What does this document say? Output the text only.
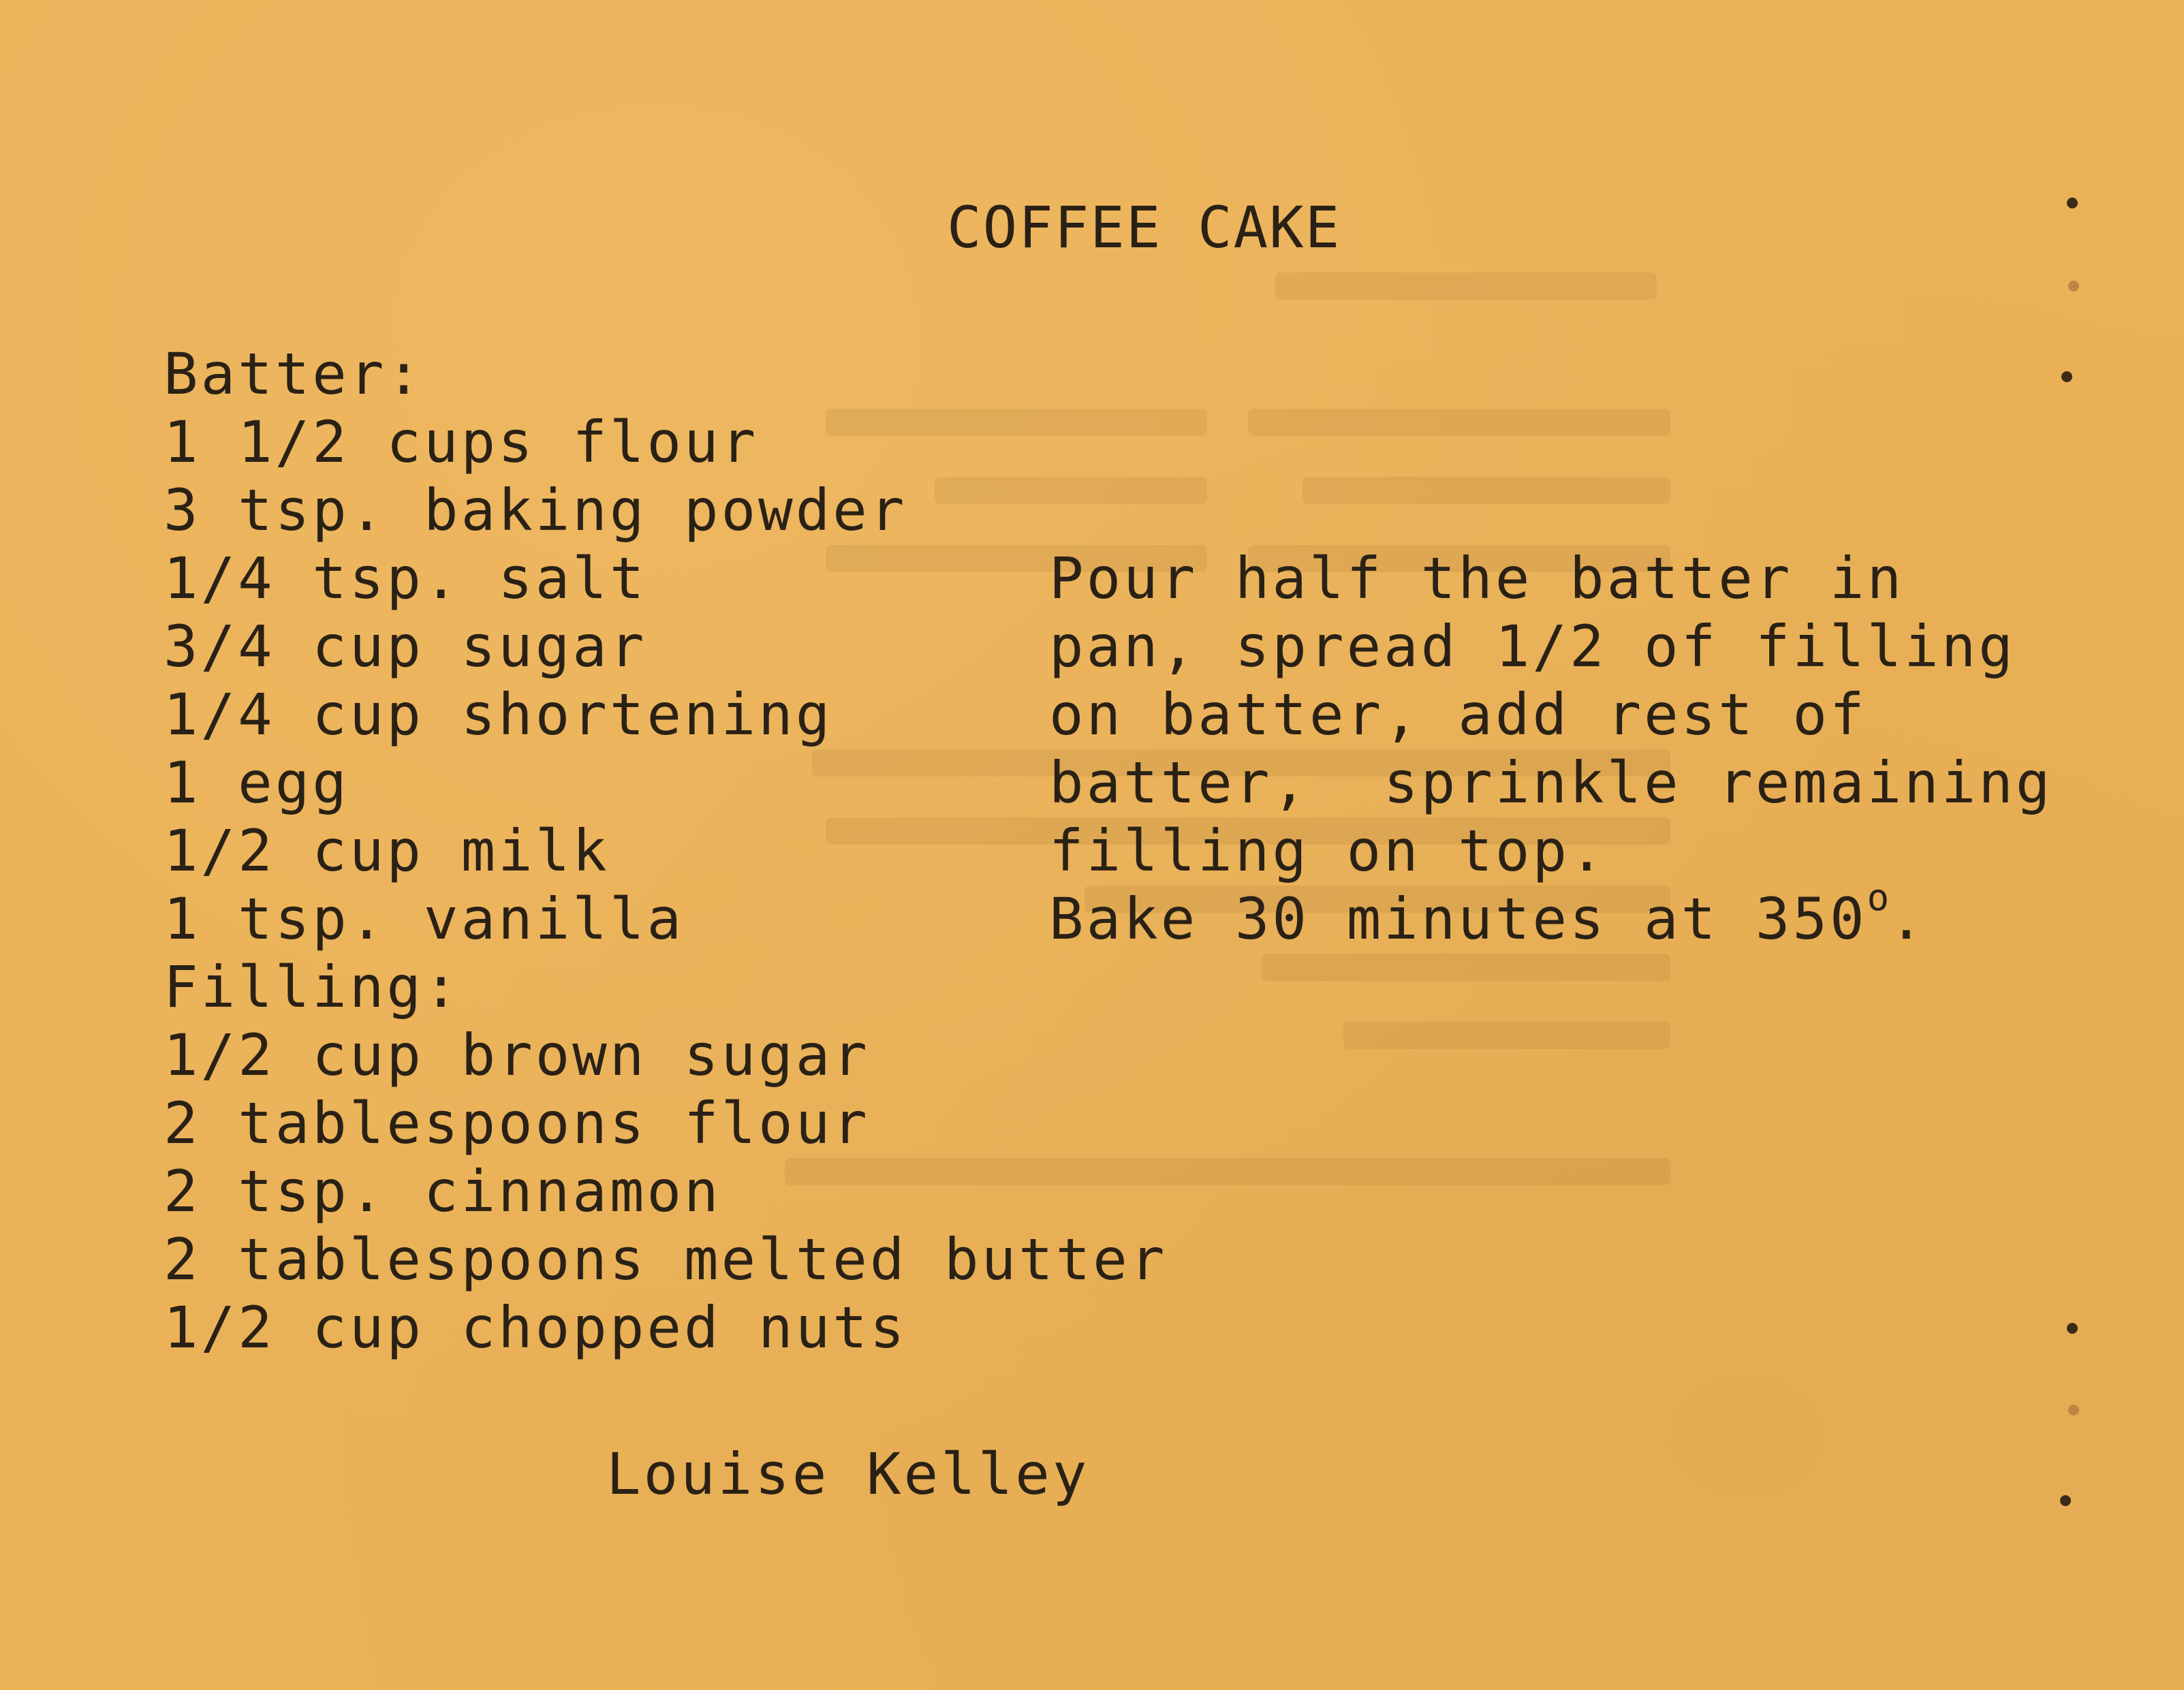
COFFEE CAKE
Batter:
1 1/2 cups flour
3 tsp. baking powder
1/4 tsp. salt
3/4 cup sugar
1/4 cup shortening
1 egg
1/2 cup milk
1 tsp. vanilla
Filling:
1/2 cup brown sugar
2 tablespoons flour
2 tsp. cinnamon
2 tablespoons melted butter
1/2 cup chopped nuts
Pour half the batter in
pan, spread 1/2 of filling
on batter, add rest of
batter,  sprinkle remaining
filling on top.
Bake 30 minutes at 350$^o$.
Louise Kelley
